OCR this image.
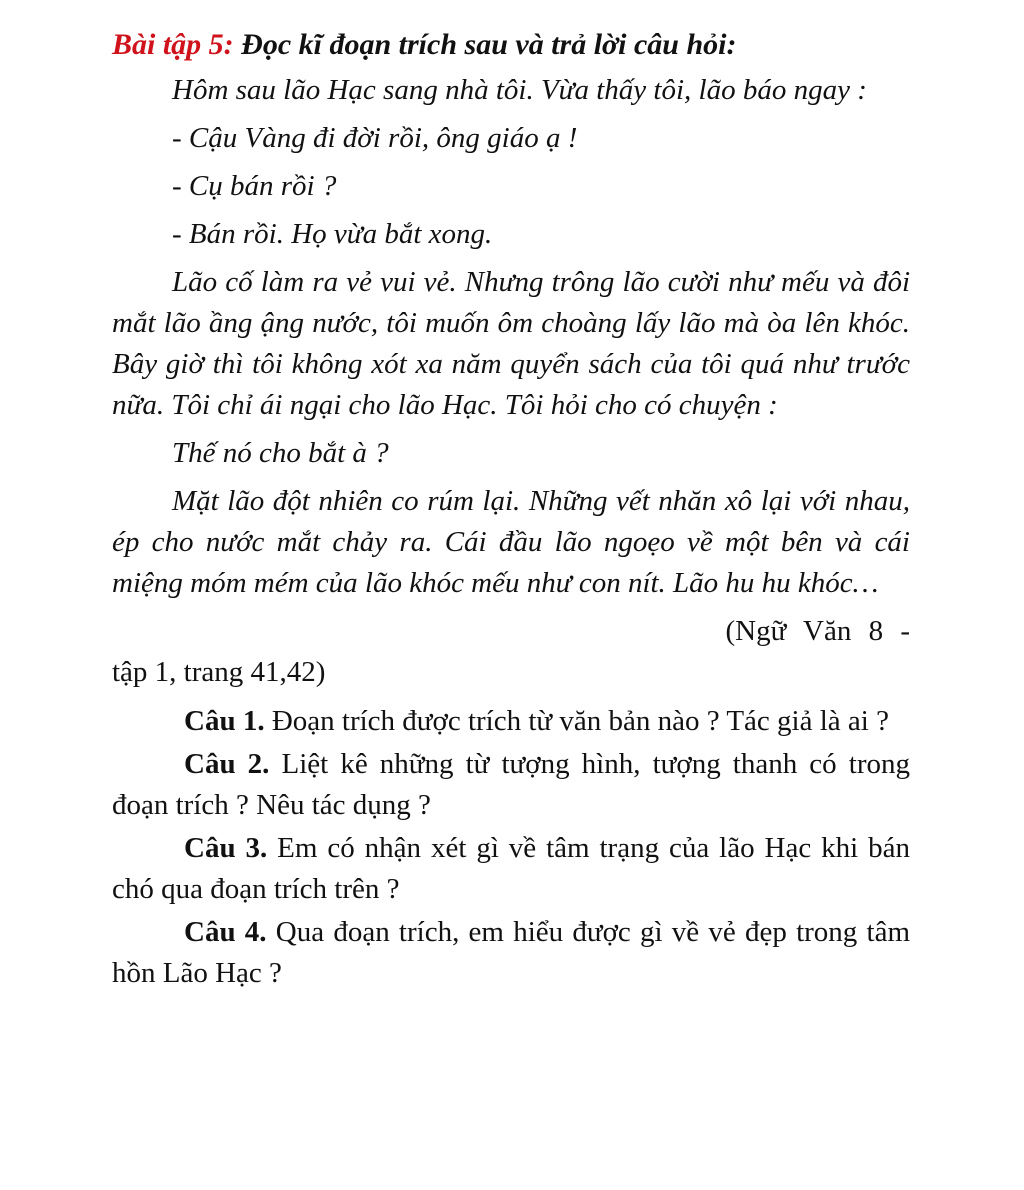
Bài tập 5: Đọc kĩ đoạn trích sau và trả lời câu hỏi:

Hôm sau lão Hạc sang nhà tôi. Vừa thấy tôi, lão báo ngay :

- Cậu Vàng đi đời rồi, ông giáo ạ !

- Cụ bán rồi ?

- Bán rồi. Họ vừa bắt xong.

Lão cố làm ra vẻ vui vẻ. Nhưng trông lão cười như mếu và đôi mắt lão ầng ậng nước, tôi muốn ôm choàng lấy lão mà òa lên khóc. Bây giờ thì tôi không xót xa năm quyển sách của tôi quá như trước nữa. Tôi chỉ ái ngại cho lão Hạc. Tôi hỏi cho có chuyện :

Thế nó cho bắt à ?

Mặt lão đột nhiên co rúm lại. Những vết nhăn xô lại với nhau, ép cho nước mắt chảy ra. Cái đầu lão ngoẹo về một bên và cái miệng móm mém của lão khóc mếu như con nít. Lão hu hu khóc…

(Ngữ Văn 8 -
tập 1, trang 41,42)

Câu 1. Đoạn trích được trích từ văn bản nào ? Tác giả là ai ?

Câu 2. Liệt kê những từ tượng hình, tượng thanh có trong đoạn trích ? Nêu tác dụng ?

Câu 3. Em có nhận xét gì về tâm trạng của lão Hạc khi bán chó qua đoạn trích trên ?

Câu 4. Qua đoạn trích, em hiểu được gì về vẻ đẹp trong tâm hồn Lão Hạc ?
